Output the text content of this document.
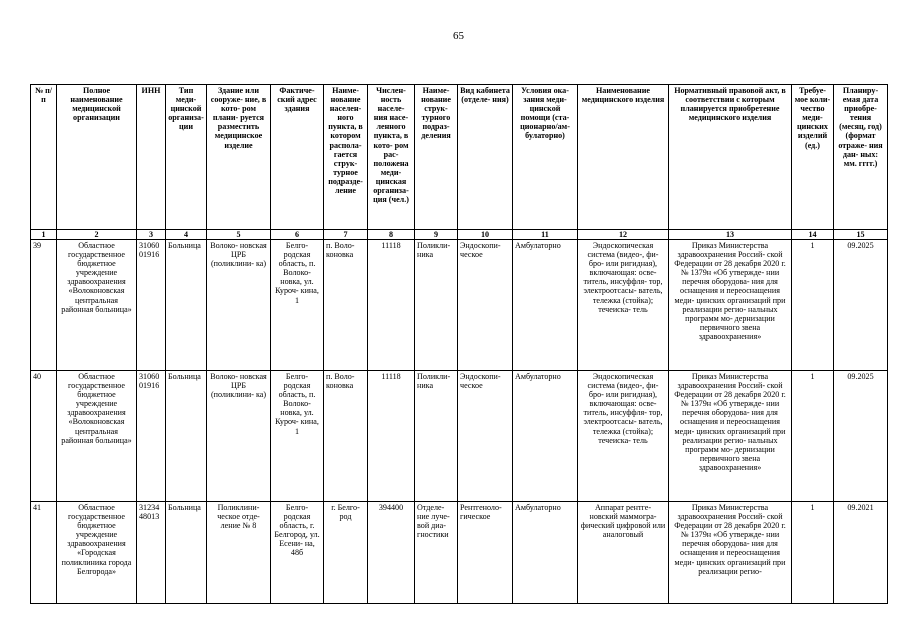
65
№ п/п	Полное наименование медицинской организации	ИНН	Тип меди- цинской организа- ции	Здание или сооруже- ние, в кото- ром плани- руется разместить медицинское изделие	Фактиче- ский адрес здания	Наиме- нование населен- ного пункта, в котором распола- гается струк- турное подразде- ление	Числен- ность населе- ния насе- ленного пункта, в кото- ром рас- положена меди- цинская организа- ция (чел.)	Наиме- нование струк- турного подраз- деления	Вид кабинета (отделе- ния)	Условия ока- зания меди- цинской помощи (ста- ционарно/ам- булаторно)	Наименование медицинского изделия	Нормативный правовой акт, в соответствии с которым планируется приобретение медицинского изделия	Требуе- мое коли- чество меди- цинских изделий (ед.)	Планиру- емая дата приобре- тения (месяц, год) (формат отраже- ния дан- ных: мм. гггг.)
1	2	3	4	5	6	7	8	9	10	11	12	13	14	15
39	Областное государственное бюджетное учреждение здравоохранения «Волоконовская центральная районная больница»	31060 01916	Больница	Волоко- новская ЦРБ (поликлини- ка)	Белго- родская область, п. Волоко- новка, ул. Куроч- кина, 1	п. Воло- коновка	11118	Поликли- ника	Эндоскопи- ческое	Амбулаторно	Эндоскопическая система (видео-, фи- бро- или ригидная), включающая: осве- титель, инсуффля- тор, электроотсасы- ватель, тележка (стойка); течеиска- тель	Приказ Министерства здравоохранения Россий- ской Федерации от 28 декабря 2020 г. № 1379н «Об утвержде- нии перечня оборудова- ния для оснащения и переоснащения меди- цинских организаций при реализации регио- нальных программ мо- дернизации первичного звена здравоохранения»	1	09.2025
40	Областное государственное бюджетное учреждение здравоохранения «Волоконовская центральная районная больница»	31060 01916	Больница	Волоко- новская ЦРБ (поликлини- ка)	Белго- родская область, п. Волоко- новка, ул. Куроч- кина, 1	п. Воло- коновка	11118	Поликли- ника	Эндоскопи- ческое	Амбулаторно	Эндоскопическая система (видео-, фи- бро- или ригидная), включающая: осве- титель, инсуффля- тор, электроотсасы- ватель, тележка (стойка); течеиска- тель	Приказ Министерства здравоохранения Россий- ской Федерации от 28 декабря 2020 г. № 1379н «Об утвержде- нии перечня оборудова- ния для оснащения и переоснащения меди- цинских организаций при реализации регио- нальных программ мо- дернизации первичного звена здравоохранения»	1	09.2025
41	Областное государственное бюджетное учреждение здравоохранения «Городская поликлиника города Белгорода»	31234 48013	Больница	Поликлини- ческое отде- ление № 8	Белго- родская область, г. Белгород, ул. Есени- на, 48б	г. Белго- род	394400	Отделе- ние луче- вой диа- гностики	Рентгеноло- гическое	Амбулаторно	Аппарат рентге- новский маммогра- фический цифровой или аналоговый	Приказ Министерства здравоохранения Россий- ской Федерации от 28 декабря 2020 г. № 1379н «Об утвержде- нии перечня оборудова- ния для оснащения и переоснащения меди- цинских организаций при реализации регио-	1	09.2021
